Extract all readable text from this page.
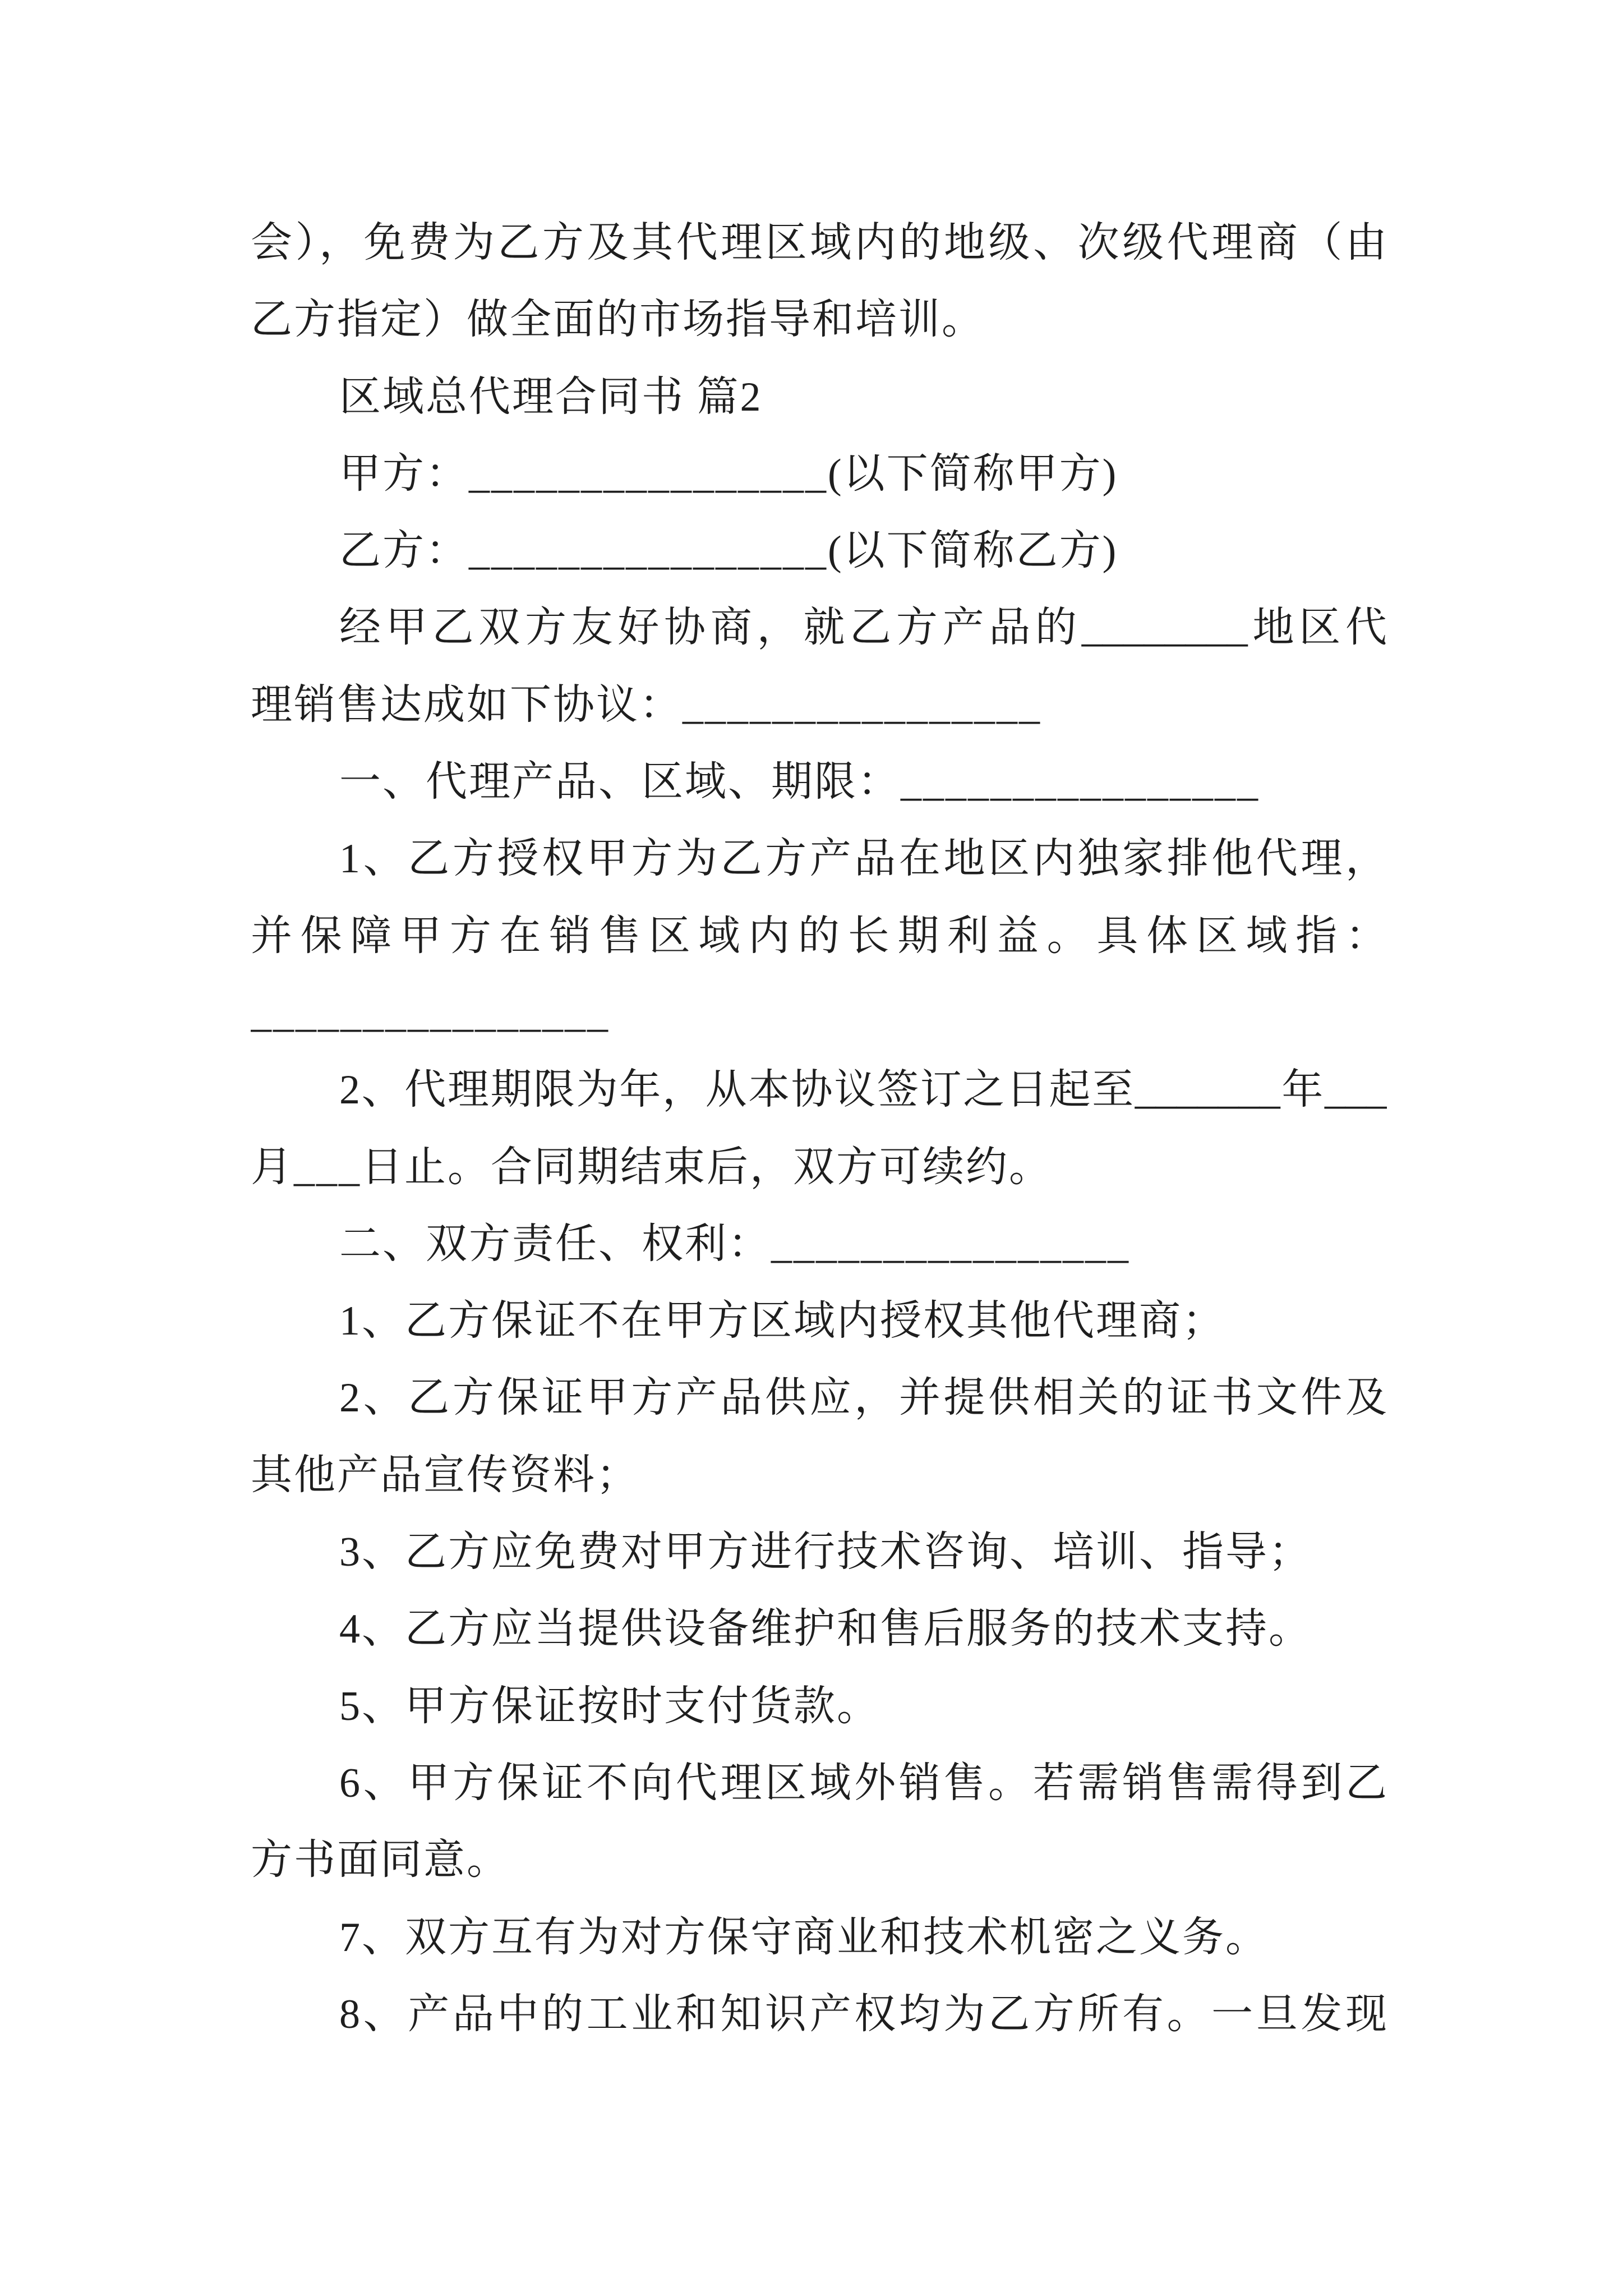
会），免费为乙方及其代理区域内的地级、次级代理商（由
乙方指定）做全面的市场指导和培训。
区域总代理合同书 篇2
甲方：________________(以下简称甲方)
乙方：________________(以下简称乙方)
经甲乙双方友好协商，就乙方产品的________地区代
理销售达成如下协议：________________
一、代理产品、区域、期限：________________
1、乙方授权甲方为乙方产品在地区内独家排他代理，
并保障甲方在销售区域内的长期利益。具体区域指：
________________
2、代理期限为年，从本协议签订之日起至_______年___
月___日止。合同期结束后，双方可续约。
二、双方责任、权利：________________
1、乙方保证不在甲方区域内授权其他代理商；
2、乙方保证甲方产品供应，并提供相关的证书文件及
其他产品宣传资料；
3、乙方应免费对甲方进行技术咨询、培训、指导；
4、乙方应当提供设备维护和售后服务的技术支持。
5、甲方保证按时支付货款。
6、甲方保证不向代理区域外销售。若需销售需得到乙
方书面同意。
7、双方互有为对方保守商业和技术机密之义务。
8、产品中的工业和知识产权均为乙方所有。一旦发现
